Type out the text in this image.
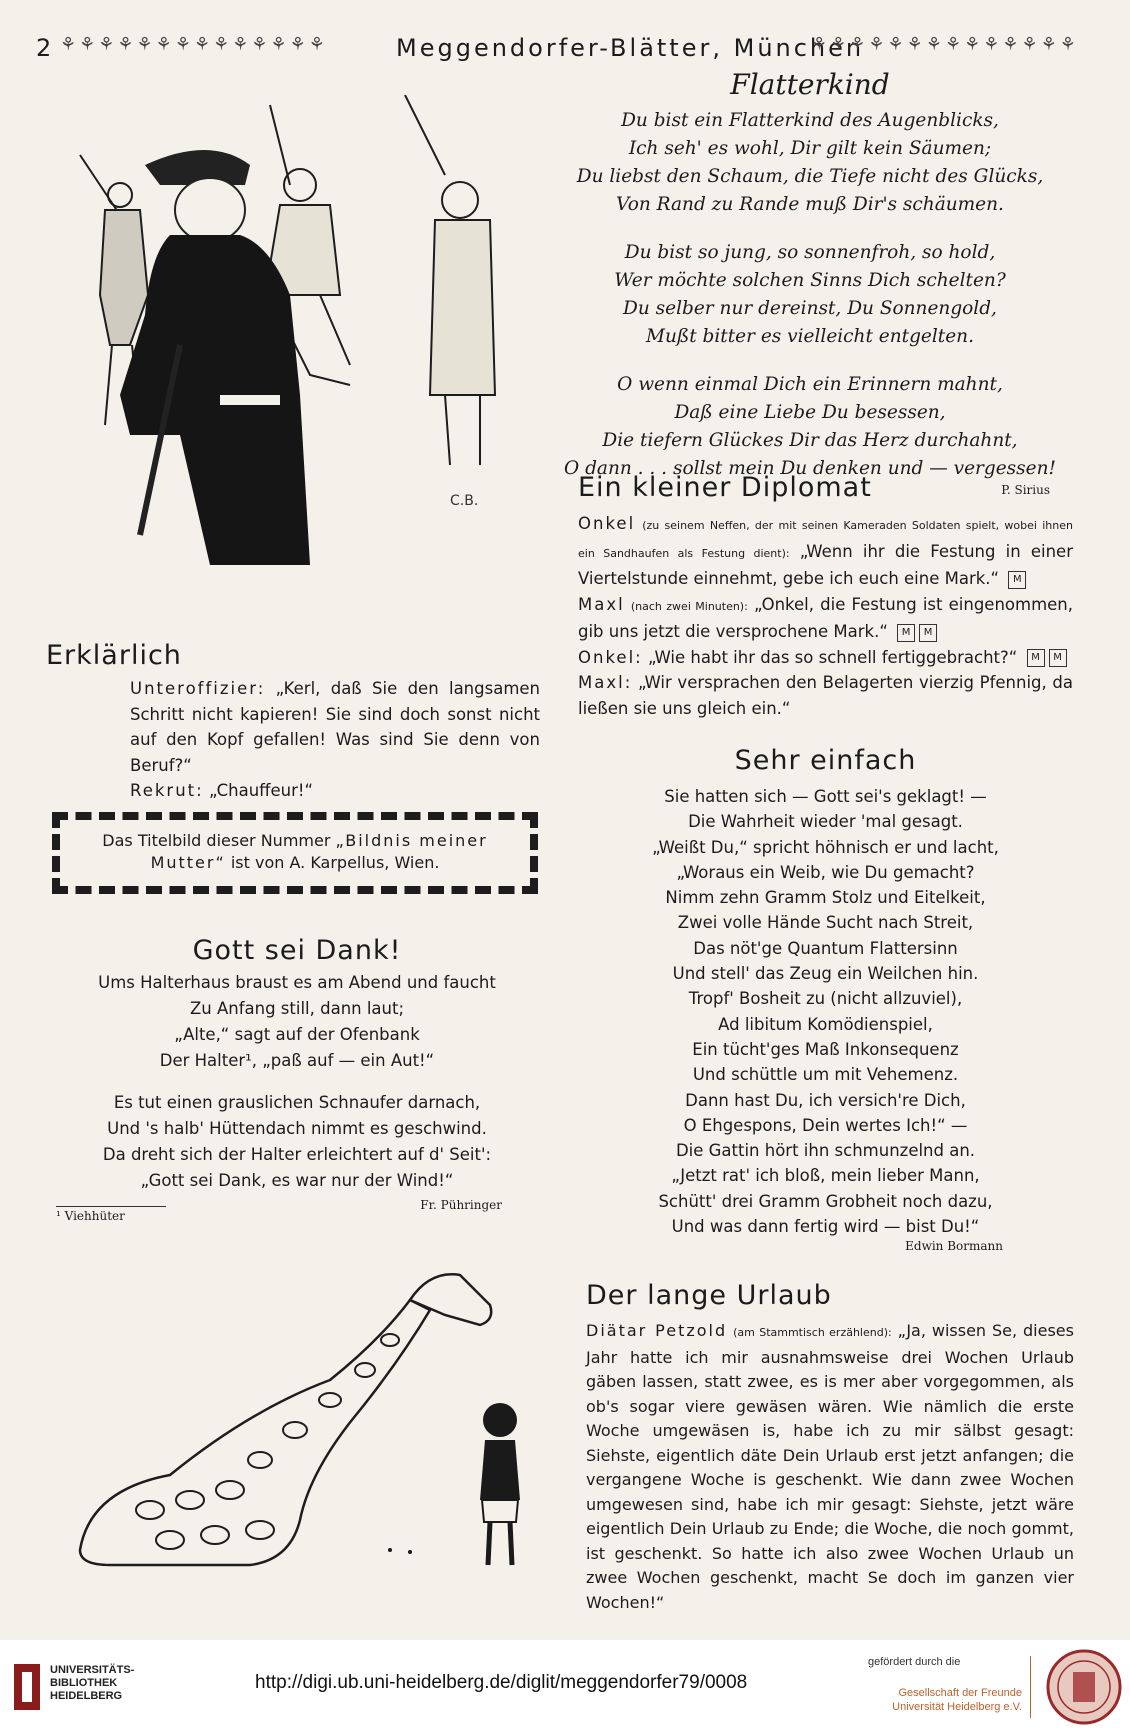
2 ⚘⚘⚘⚘⚘⚘⚘⚘⚘⚘⚘⚘⚘⚘	Meggendorfer-Blätter, München
⚘⚘⚘⚘⚘⚘⚘⚘⚘⚘⚘⚘⚘⚘
C.B.
Flatterkind
Du bist ein Flatterkind des Augenblicks,
Ich seh' es wohl, Dir gilt kein Säumen;
Du liebst den Schaum, die Tiefe nicht des Glücks,
Von Rand zu Rande muß Dir's schäumen.
Du bist so jung, so sonnenfroh, so hold,
Wer möchte solchen Sinns Dich schelten?
Du selber nur dereinst, Du Sonnengold,
Mußt bitter es vielleicht entgelten.
O wenn einmal Dich ein Erinnern mahnt,
Daß eine Liebe Du besessen,
Die tiefern Glückes Dir das Herz durchahnt,
O dann . . . sollst mein Du denken und — vergessen!
P. Sirius
Ein kleiner Diplomat
Onkel (zu seinem Neffen, der mit seinen Kameraden Soldaten spielt, wobei ihnen ein Sandhaufen als Festung dient): „Wenn ihr die Festung in einer Viertelstunde einnehmt, gebe ich euch eine Mark.“ M
Maxl (nach zwei Minuten): „Onkel, die Festung ist eingenommen, gib uns jetzt die versprochene Mark.“ M M
Onkel: „Wie habt ihr das so schnell fertiggebracht?“ M M
Maxl: „Wir versprachen den Belagerten vierzig Pfennig, da ließen sie uns gleich ein.“
Erklärlich
Unteroffizier: „Kerl, daß Sie den langsamen Schritt nicht kapieren! Sie sind doch sonst nicht auf den Kopf gefallen! Was sind Sie denn von Beruf?“
Rekrut: „Chauffeur!“
Das Titelbild dieser Nummer „Bildnis meiner
Mutter“ ist von A. Karpellus, Wien.
Gott sei Dank!
Ums Halterhaus braust es am Abend und faucht
Zu Anfang still, dann laut;
„Alte,“ sagt auf der Ofenbank
Der Halter¹, „paß auf — ein Aut!“
Es tut einen grauslichen Schnaufer darnach,
Und 's halb' Hüttendach nimmt es geschwind.
Da dreht sich der Halter erleichtert auf d' Seit':
„Gott sei Dank, es war nur der Wind!“
¹ Viehhüter
Fr. Pühringer
Sehr einfach
Sie hatten sich — Gott sei's geklagt! —
Die Wahrheit wieder 'mal gesagt.
„Weißt Du,“ spricht höhnisch er und lacht,
„Woraus ein Weib, wie Du gemacht?
Nimm zehn Gramm Stolz und Eitelkeit,
Zwei volle Hände Sucht nach Streit,
Das nöt'ge Quantum Flattersinn
Und stell' das Zeug ein Weilchen hin.
Tropf' Bosheit zu (nicht allzuviel),
Ad libitum Komödienspiel,
Ein tücht'ges Maß Inkonsequenz
Und schüttle um mit Vehemenz.
Dann hast Du, ich versich're Dich,
O Ehgespons, Dein wertes Ich!“ —
Die Gattin hört ihn schmunzelnd an.
„Jetzt rat' ich bloß, mein lieber Mann,
Schütt' drei Gramm Grobheit noch dazu,
Und was dann fertig wird — bist Du!“
Edwin Bormann
Der lange Urlaub
Diätar Petzold (am Stammtisch erzählend): „Ja, wissen Se, dieses Jahr hatte ich mir ausnahmsweise drei Wochen Urlaub gäben lassen, statt zwee, es is mer aber vorgegommen, als ob's sogar viere gewäsen wären. Wie nämlich die erste Woche umgewäsen is, habe ich zu mir sälbst gesagt: Siehste, eigentlich däte Dein Urlaub erst jetzt anfangen; die vergangene Woche is geschenkt. Wie dann zwee Wochen umgewesen sind, habe ich mir gesagt: Siehste, jetzt wäre eigentlich Dein Urlaub zu Ende; die Woche, die noch gommt, ist geschenkt. So hatte ich also zwee Wochen Urlaub un zwee Wochen geschenkt, macht Se doch im ganzen vier Wochen!“
UNIVERSITÄTS-
BIBLIOTHEK
HEIDELBERG
http://digi.ub.uni-heidelberg.de/diglit/meggendorfer79/0008
gefördert durch die
Gesellschaft der Freunde
Universität Heidelberg e.V.
